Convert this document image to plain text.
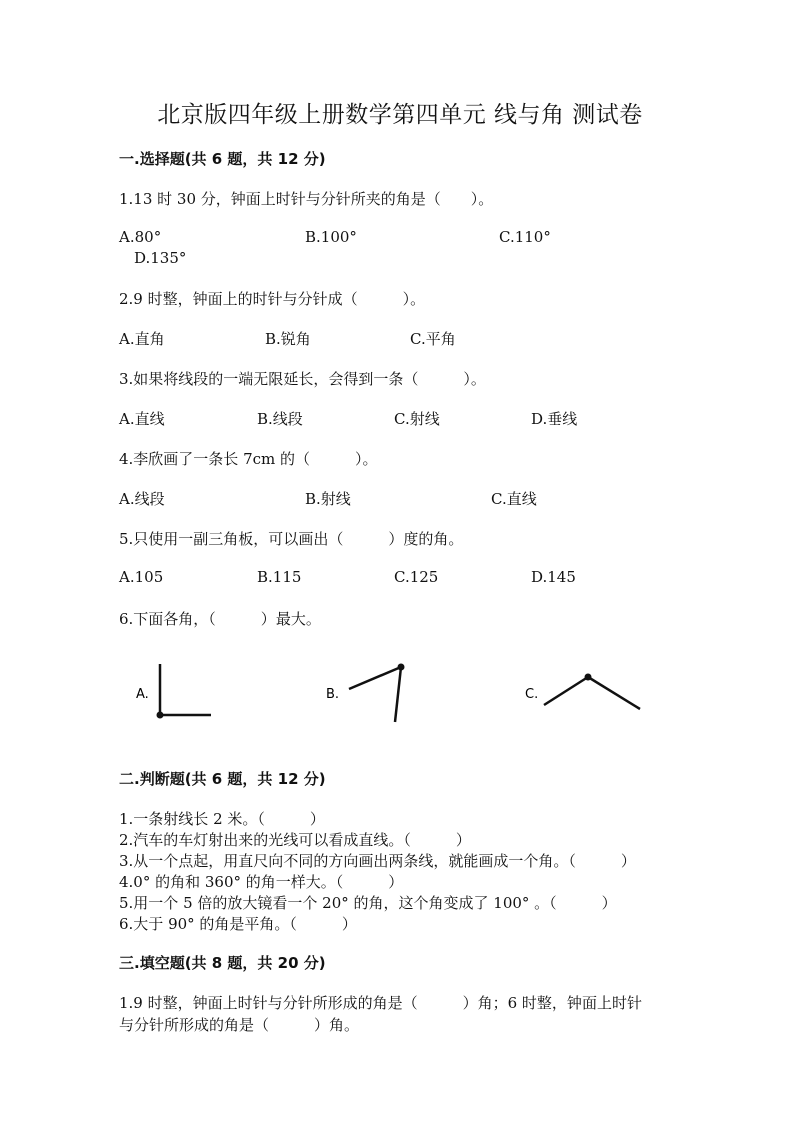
北京版四年级上册数学第四单元 线与角 测试卷
一.选择题(共 6 题，共 12 分)
1.13 时 30 分，钟面上时针与分针所夹的角是（　　）。
A.80°	B.100°	C.110°
D.135°
2.9 时整，钟面上的时针与分针成（　　　）。
A.直角	B.锐角	C.平角
3.如果将线段的一端无限延长，会得到一条（　　　）。
A.直线	B.线段	C.射线	D.垂线
4.李欣画了一条长 7cm 的（　　　）。
A.线段	B.射线	C.直线
5.只使用一副三角板，可以画出（　　　）度的角。
A.105	B.115	C.125	D.145
6.下面各角，（　　　）最大。
A.	B.	C.
二.判断题(共 6 题，共 12 分)
1.一条射线长 2 米。（　　　）
2.汽车的车灯射出来的光线可以看成直线。（　　　）
3.从一个点起，用直尺向不同的方向画出两条线，就能画成一个角。（　　　）
4.0° 的角和 360° 的角一样大。（　　　）
5.用一个 5 倍的放大镜看一个 20° 的角，这个角变成了 100° 。（　　　）
6.大于 90° 的角是平角。（　　　）
三.填空题(共 8 题，共 20 分)
1.9 时整，钟面上时针与分针所形成的角是（　　　）角；6 时整，钟面上时针
与分针所形成的角是（　　　）角。
